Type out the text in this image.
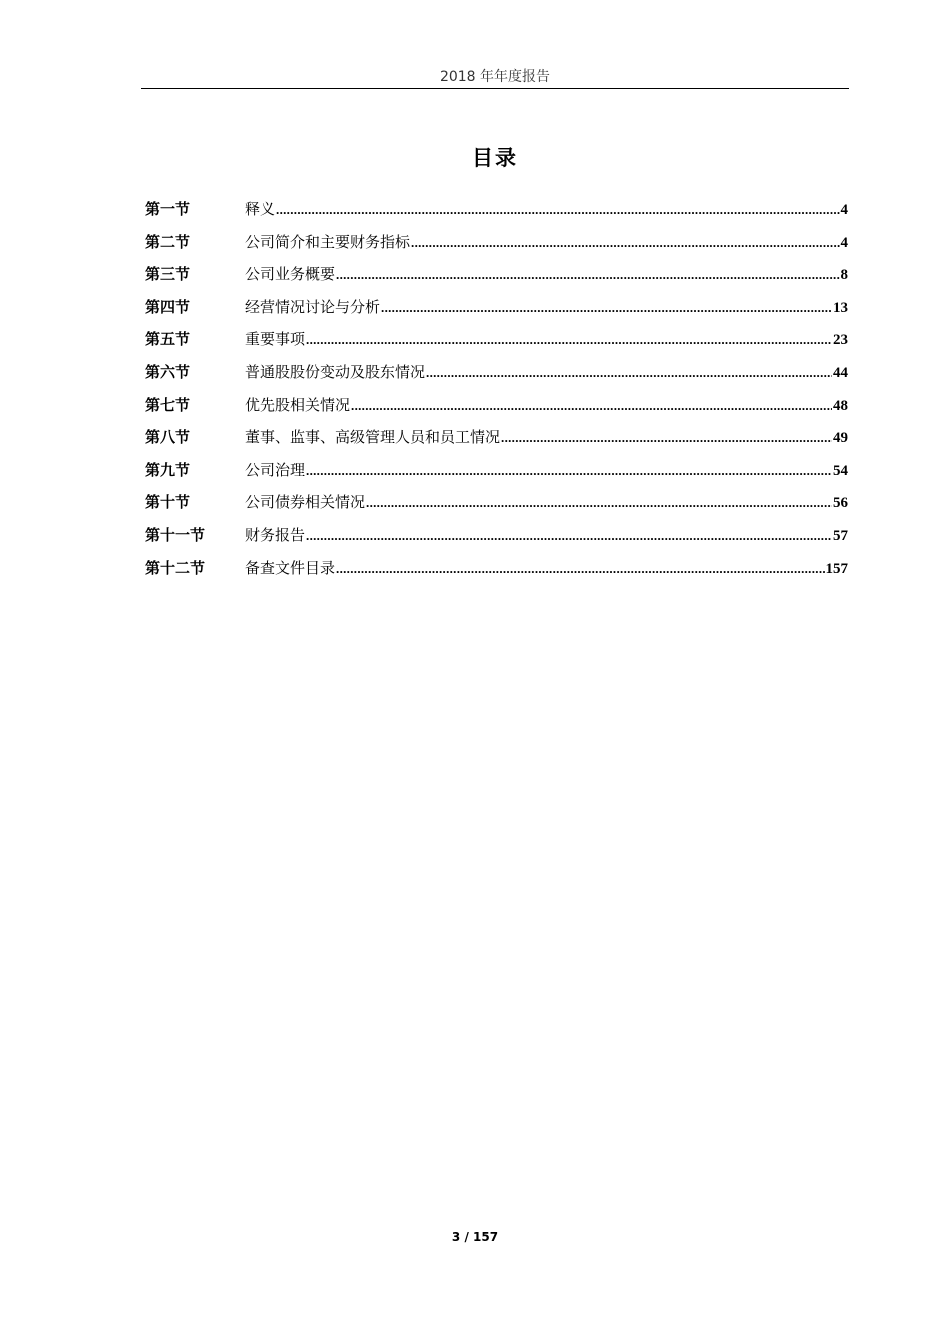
2018 年年度报告
目录
第一节	释义 .....	4
第二节	公司简介和主要财务指标 .....	4
第三节	公司业务概要 .....	8
第四节	经营情况讨论与分析 .....	13
第五节	重要事项 .....	23
第六节	普通股股份变动及股东情况 .....	44
第七节	优先股相关情况 .....	48
第八节	董事、监事、高级管理人员和员工情况 .....	49
第九节	公司治理 .....	54
第十节	公司债券相关情况 .....	56
第十一节	财务报告 .....	57
第十二节	备查文件目录 .....	157
3 / 157
